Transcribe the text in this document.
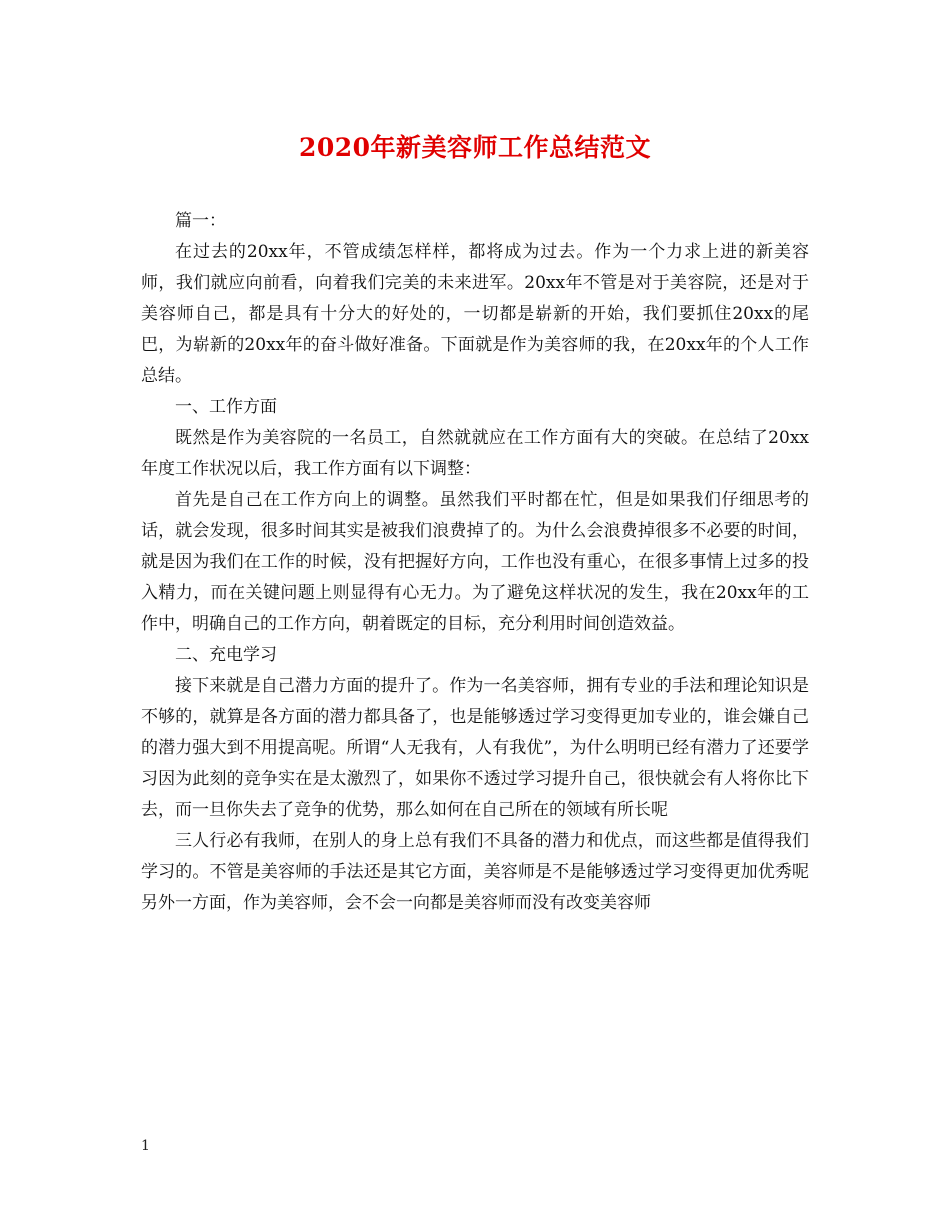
2020年新美容师工作总结范文

篇一：

在过去的20xx年，不管成绩怎样样，都将成为过去。作为一个力求上进的新美容师，我们就应向前看，向着我们完美的未来进军。20xx年不管是对于美容院，还是对于美容师自己，都是具有十分大的好处的，一切都是崭新的开始，我们要抓住20xx的尾巴，为崭新的20xx年的奋斗做好准备。下面就是作为美容师的我，在20xx年的个人工作总结。

一、工作方面

既然是作为美容院的一名员工，自然就就应在工作方面有大的突破。在总结了20xx年度工作状况以后，我工作方面有以下调整：

首先是自己在工作方向上的调整。虽然我们平时都在忙，但是如果我们仔细思考的话，就会发现，很多时间其实是被我们浪费掉了的。为什么会浪费掉很多不必要的时间，就是因为我们在工作的时候，没有把握好方向，工作也没有重心，在很多事情上过多的投入精力，而在关键问题上则显得有心无力。为了避免这样状况的发生，我在20xx年的工作中，明确自己的工作方向，朝着既定的目标，充分利用时间创造效益。

二、充电学习

接下来就是自己潜力方面的提升了。作为一名美容师，拥有专业的手法和理论知识是不够的，就算是各方面的潜力都具备了，也是能够透过学习变得更加专业的，谁会嫌自己的潜力强大到不用提高呢。所谓“人无我有，人有我优”，为什么明明已经有潜力了还要学习因为此刻的竞争实在是太激烈了，如果你不透过学习提升自己，很快就会有人将你比下去，而一旦你失去了竞争的优势，那么如何在自己所在的领域有所长呢

三人行必有我师，在别人的身上总有我们不具备的潜力和优点，而这些都是值得我们学习的。不管是美容师的手法还是其它方面，美容师是不是能够透过学习变得更加优秀呢另外一方面，作为美容师，会不会一向都是美容师而没有改变美容师

1
